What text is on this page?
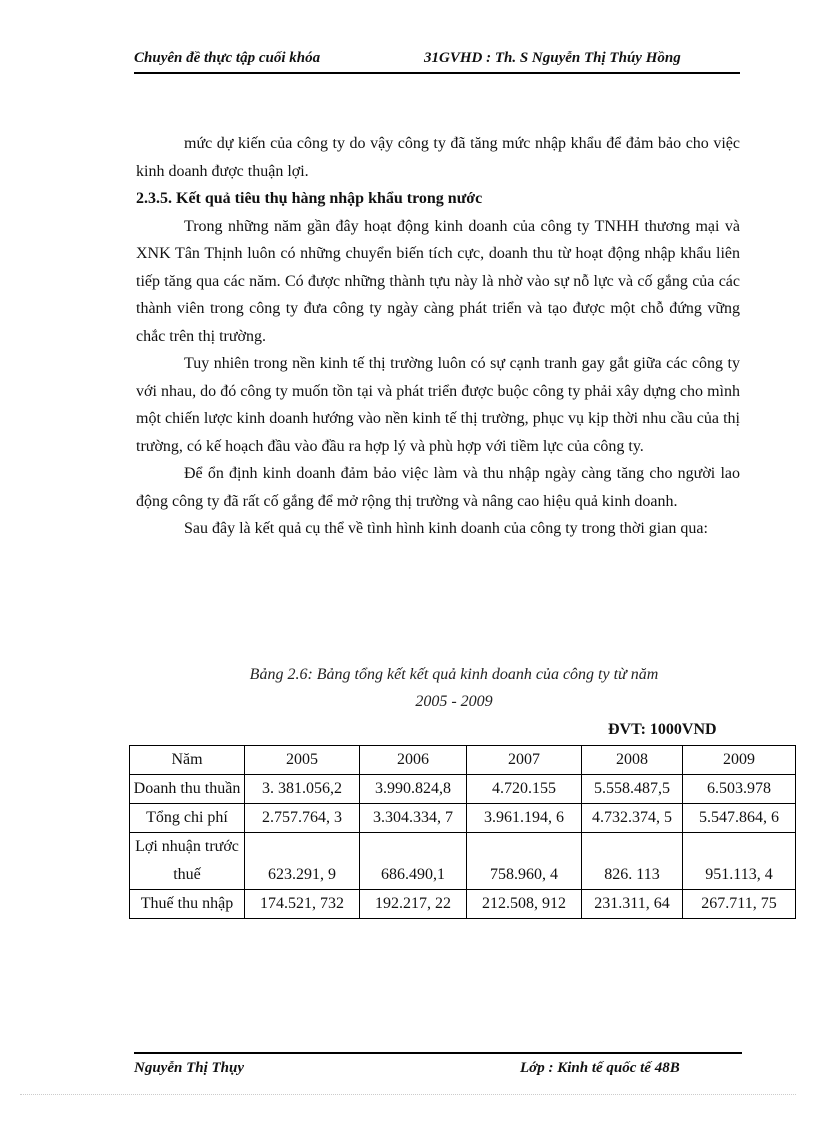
Chuyên đề thực tập cuối khóa	31GVHD : Th. S Nguyễn Thị Thúy Hồng

mức dự kiến của công ty do vậy công ty đã tăng mức nhập khẩu để đảm bảo cho việc kinh doanh được thuận lợi.

2.3.5. Kết quả tiêu thụ hàng nhập khẩu trong nước

Trong những năm gần đây hoạt động kinh doanh của công ty TNHH thương mại và XNK Tân Thịnh luôn có những chuyển biến tích cực, doanh thu từ hoạt động nhập khẩu liên tiếp tăng qua các năm. Có được những thành tựu này là nhờ vào sự nỗ lực và cố gắng của các thành viên trong công ty đưa công ty ngày càng phát triển và tạo được một chỗ đứng vững chắc trên thị trường.

Tuy nhiên trong nền kinh tế thị trường luôn có sự cạnh tranh gay gắt giữa các công ty với nhau, do đó công ty muốn tồn tại và phát triển được buộc công ty phải xây dựng cho mình một chiến lược kinh doanh hướng vào nền kinh tế thị trường, phục vụ kịp thời nhu cầu của thị trường, có kế hoạch đầu vào đầu ra hợp lý và phù hợp với tiềm lực của công ty.

Để ổn định kinh doanh đảm bảo việc làm và thu nhập ngày càng tăng cho người lao động công ty đã rất cố gắng để mở rộng thị trường và nâng cao hiệu quả kinh doanh.

Sau đây là kết quả cụ thể về tình hình kinh doanh của công ty trong thời gian qua:

Bảng 2.6: Bảng tổng kết kết quả kinh doanh của công ty từ năm
2005 - 2009
ĐVT: 1000VND
Năm	2005	2006	2007	2008	2009
Doanh thu thuần	3. 381.056,2	3.990.824,8	4.720.155	5.558.487,5	6.503.978
Tổng chi phí	2.757.764, 3	3.304.334, 7	3.961.194, 6	4.732.374, 5	5.547.864, 6
Lợi nhuận trước thuế	623.291, 9	686.490,1	758.960, 4	826. 113	951.113, 4
Thuế thu nhập	174.521, 732	192.217, 22	212.508, 912	231.311, 64	267.711, 75
Nguyễn Thị Thụy	Lớp : Kinh tế quốc tế 48B
